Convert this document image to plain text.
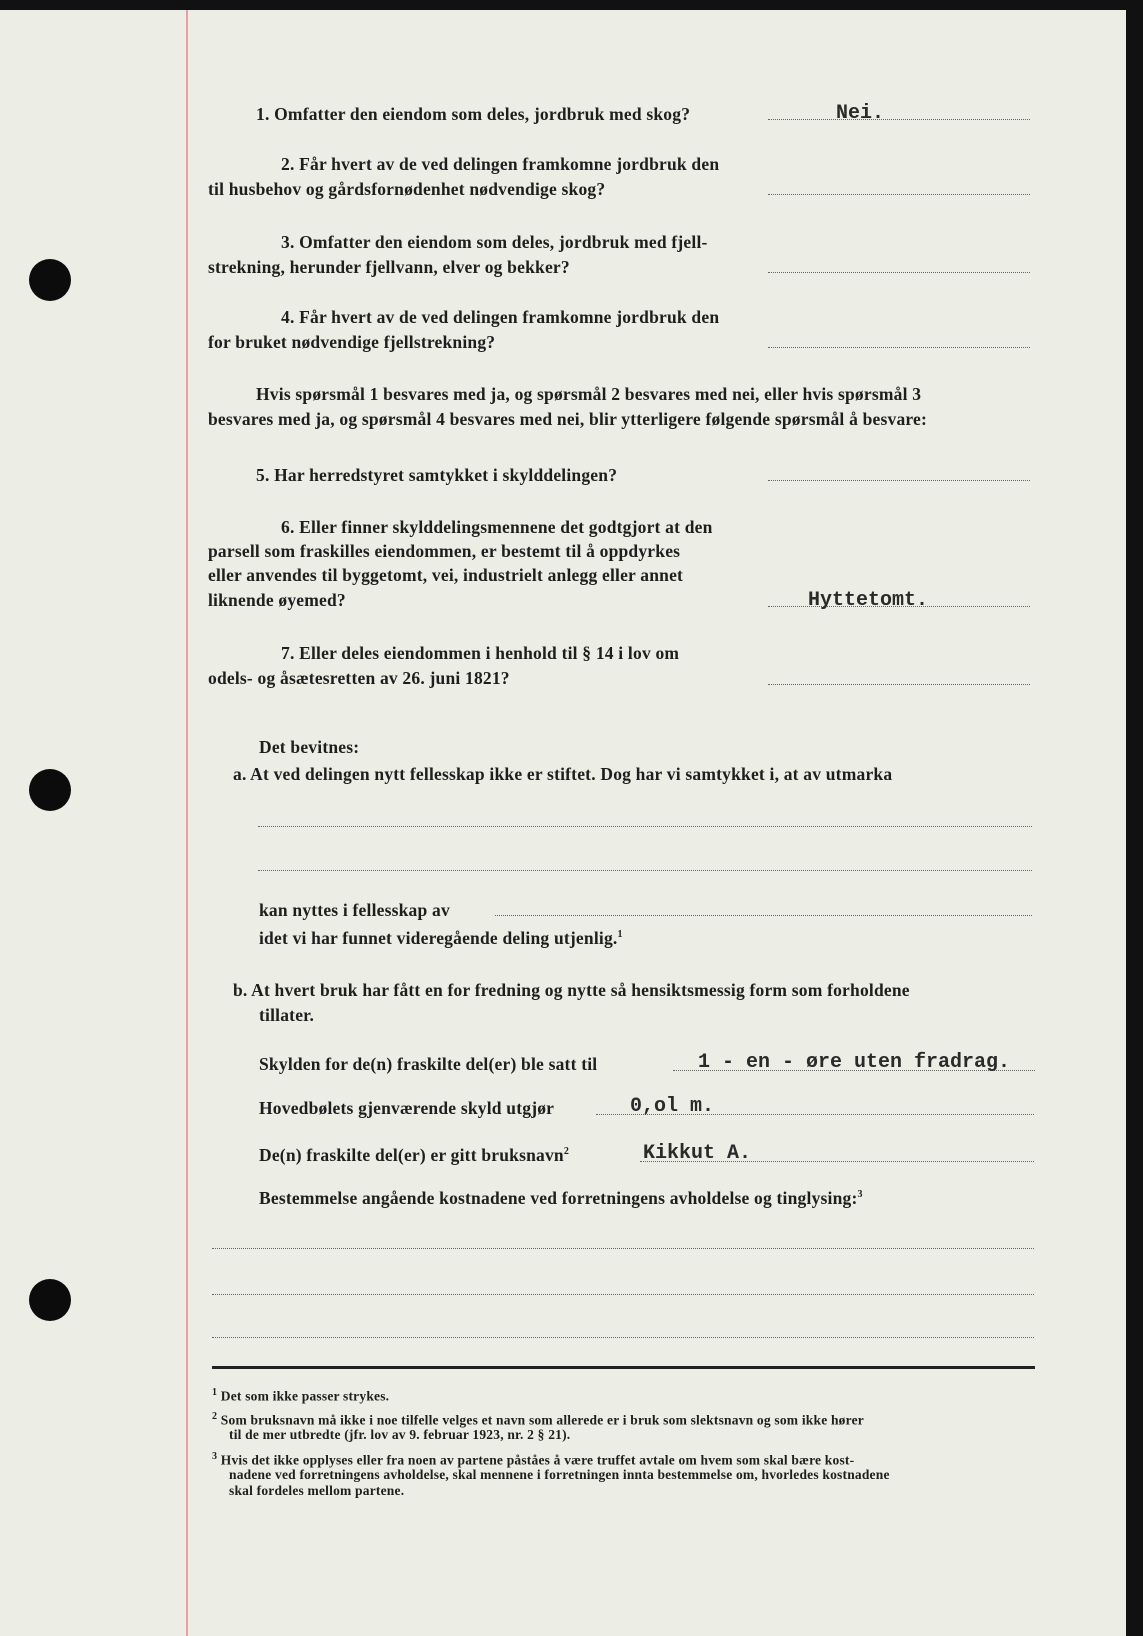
1. Omfatter den eiendom som deles, jordbruk med skog?	Nei.
2. Får hvert av de ved delingen framkomne jordbruk den
til husbehov og gårdsfornødenhet nødvendige skog?
3. Omfatter den eiendom som deles, jordbruk med fjell-
strekning, herunder fjellvann, elver og bekker?
4. Får hvert av de ved delingen framkomne jordbruk den
for bruket nødvendige fjellstrekning?
Hvis spørsmål 1 besvares med ja, og spørsmål 2 besvares med nei, eller hvis spørsmål 3
besvares med ja, og spørsmål 4 besvares med nei, blir ytterligere følgende spørsmål å besvare:
5. Har herredstyret samtykket i skylddelingen?
6. Eller finner skylddelingsmennene det godtgjort at den
parsell som fraskilles eiendommen, er bestemt til å oppdyrkes
eller anvendes til byggetomt, vei, industrielt anlegg eller annet
liknende øyemed?	Hyttetomt.
7. Eller deles eiendommen i henhold til § 14 i lov om
odels- og åsætesretten av 26. juni 1821?
Det bevitnes:
a. At ved delingen nytt fellesskap ikke er stiftet. Dog har vi samtykket i, at av utmarka
kan nyttes i fellesskap av
idet vi har funnet videregående deling utjenlig.$^1$
b. At hvert bruk har fått en for fredning og nytte så hensiktsmessig form som forholdene
tillater.
Skylden for de(n) fraskilte del(er) ble satt til	1 - en - øre uten fradrag.
Hovedbølets gjenværende skyld utgjør	0,ol m.
De(n) fraskilte del(er) er gitt bruksnavn$^2$	Kikkut A.
Bestemmelse angående kostnadene ved forretningens avholdelse og tinglysing:$^3$
$^1$ Det som ikke passer strykes.
$^2$ Som bruksnavn må ikke i noe tilfelle velges et navn som allerede er i bruk som slektsnavn og som ikke hører
til de mer utbredte (jfr. lov av 9. februar 1923, nr. 2 § 21).
$^3$ Hvis det ikke opplyses eller fra noen av partene påståes å være truffet avtale om hvem som skal bære kost-
nadene ved forretningens avholdelse, skal mennene i forretningen innta bestemmelse om, hvorledes kostnadene
skal fordeles mellom partene.
